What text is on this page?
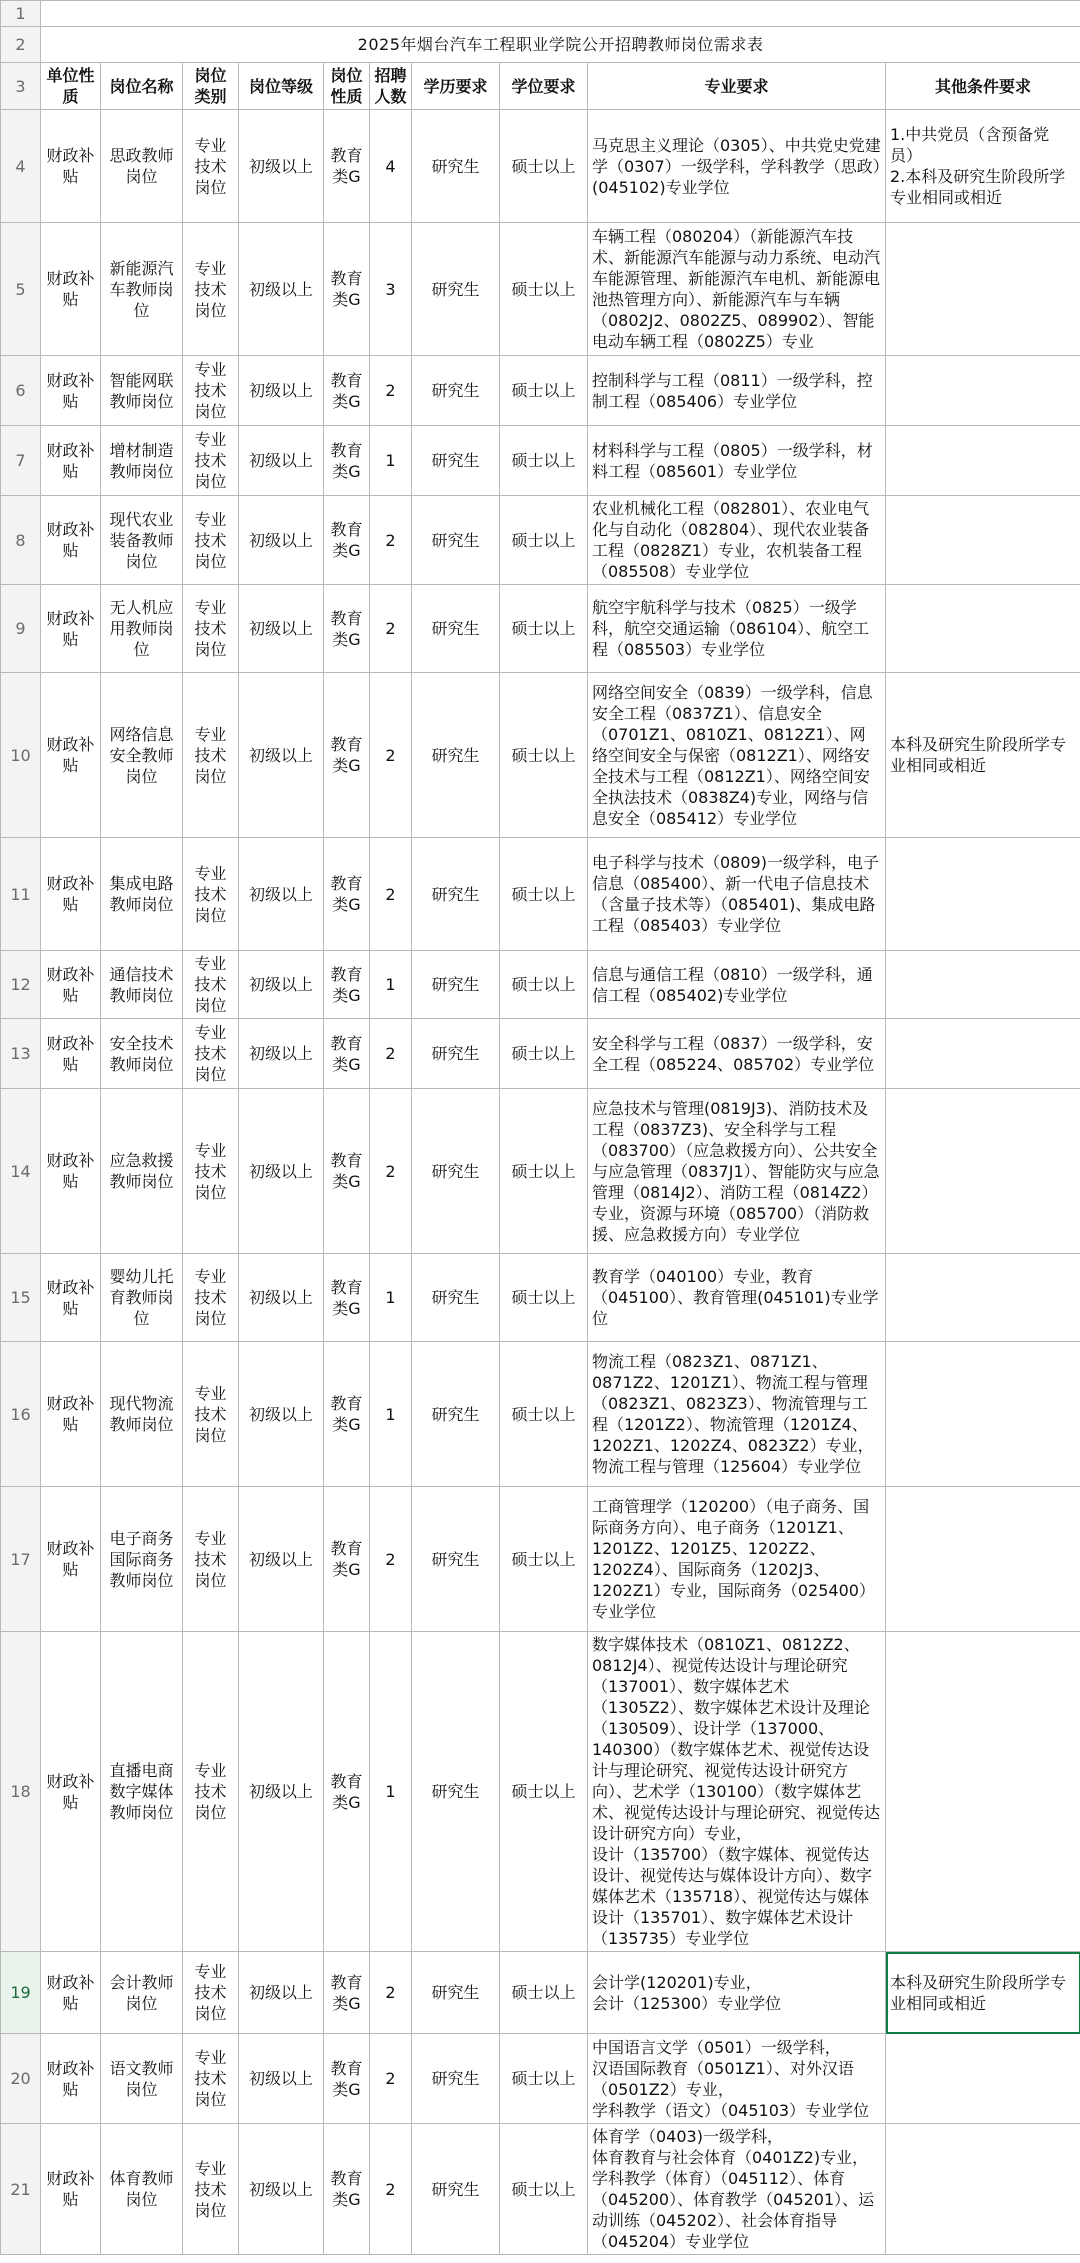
1										
2	2025年烟台汽车工程职业学院公开招聘教师岗位需求表									
3	单位性质	岗位名称	岗位类别	岗位等级	岗位性质	招聘人数	学历要求	学位要求	专业要求	其他条件要求
4	财政补贴	思政教师岗位	专业技术岗位	初级以上	教育类G	4	研究生	硕士以上	马克思主义理论（0305）、中共党史党建学（0307）一级学科，学科教学（思政）(045102)专业学位	1.中共党员（含预备党员）
2.本科及研究生阶段所学专业相同或相近
5	财政补贴	新能源汽车教师岗位	专业技术岗位	初级以上	教育类G	3	研究生	硕士以上	车辆工程（080204）（新能源汽车技术、新能源汽车能源与动力系统、电动汽车能源管理、新能源汽车电机、新能源电池热管理方向）、新能源汽车与车辆（0802J2、0802Z5、089902）、智能电动车辆工程（0802Z5）专业	
6	财政补贴	智能网联教师岗位	专业技术岗位	初级以上	教育类G	2	研究生	硕士以上	控制科学与工程（0811）一级学科，控制工程（085406）专业学位	
7	财政补贴	增材制造教师岗位	专业技术岗位	初级以上	教育类G	1	研究生	硕士以上	材料科学与工程（0805）一级学科，材料工程（085601）专业学位	
8	财政补贴	现代农业装备教师岗位	专业技术岗位	初级以上	教育类G	2	研究生	硕士以上	农业机械化工程（082801）、农业电气化与自动化（082804）、现代农业装备工程（0828Z1）专业，农机装备工程（085508）专业学位	
9	财政补贴	无人机应用教师岗位	专业技术岗位	初级以上	教育类G	2	研究生	硕士以上	航空宇航科学与技术（0825）一级学科，航空交通运输（086104）、航空工程（085503）专业学位	
10	财政补贴	网络信息安全教师岗位	专业技术岗位	初级以上	教育类G	2	研究生	硕士以上	网络空间安全（0839）一级学科，信息安全工程（0837Z1）、信息安全（0701Z1、0810Z1、0812Z1）、网络空间安全与保密（0812Z1）、网络安全技术与工程（0812Z1）、网络空间安全执法技术（0838Z4)专业，网络与信息安全（085412）专业学位	本科及研究生阶段所学专业相同或相近
11	财政补贴	集成电路教师岗位	专业技术岗位	初级以上	教育类G	2	研究生	硕士以上	电子科学与技术（0809)一级学科，电子信息（085400）、新一代电子信息技术（含量子技术等）（085401)、集成电路工程（085403）专业学位	
12	财政补贴	通信技术教师岗位	专业技术岗位	初级以上	教育类G	1	研究生	硕士以上	信息与通信工程（0810）一级学科，通信工程（085402)专业学位	
13	财政补贴	安全技术教师岗位	专业技术岗位	初级以上	教育类G	2	研究生	硕士以上	安全科学与工程（0837）一级学科，安全工程（085224、085702）专业学位	
14	财政补贴	应急救援教师岗位	专业技术岗位	初级以上	教育类G	2	研究生	硕士以上	应急技术与管理(0819J3)、消防技术及工程（0837Z3)、安全科学与工程（083700）（应急救援方向）、公共安全与应急管理（0837J1）、智能防灾与应急管理（0814J2）、消防工程（0814Z2）专业，资源与环境（085700）（消防救援、应急救援方向）专业学位	
15	财政补贴	婴幼儿托育教师岗位	专业技术岗位	初级以上	教育类G	1	研究生	硕士以上	教育学（040100）专业，教育（045100）、教育管理(045101)专业学位	
16	财政补贴	现代物流教师岗位	专业技术岗位	初级以上	教育类G	1	研究生	硕士以上	物流工程（0823Z1、0871Z1、0871Z2、1201Z1）、物流工程与管理（0823Z1、0823Z3）、物流管理与工程（1201Z2）、物流管理（1201Z4、1202Z1、1202Z4、0823Z2）专业，物流工程与管理（125604）专业学位	
17	财政补贴	电子商务国际商务教师岗位	专业技术岗位	初级以上	教育类G	2	研究生	硕士以上	工商管理学（120200）（电子商务、国际商务方向）、电子商务（1201Z1、1201Z2、1201Z5、1202Z2、1202Z4）、国际商务（1202J3、1202Z1）专业，国际商务（025400）专业学位	
18	财政补贴	直播电商数字媒体教师岗位	专业技术岗位	初级以上	教育类G	1	研究生	硕士以上	数字媒体技术（0810Z1、0812Z2、0812J4）、视觉传达设计与理论研究（137001）、数字媒体艺术（1305Z2）、数字媒体艺术设计及理论（130509）、设计学（137000、140300）（数字媒体艺术、视觉传达设计与理论研究、视觉传达设计研究方向）、艺术学（130100）（数字媒体艺术、视觉传达设计与理论研究、视觉传达设计研究方向）专业，
设计（135700）（数字媒体、视觉传达设计、视觉传达与媒体设计方向）、数字媒体艺术（135718）、视觉传达与媒体设计（135701）、数字媒体艺术设计（135735）专业学位	
19	财政补贴	会计教师岗位	专业技术岗位	初级以上	教育类G	2	研究生	硕士以上	会计学(120201)专业，
会计（125300）专业学位	本科及研究生阶段所学专业相同或相近
20	财政补贴	语文教师岗位	专业技术岗位	初级以上	教育类G	2	研究生	硕士以上	中国语言文学（0501）一级学科，
汉语国际教育（0501Z1）、对外汉语（0501Z2）专业，
学科教学（语文）（045103）专业学位	
21	财政补贴	体育教师岗位	专业技术岗位	初级以上	教育类G	2	研究生	硕士以上	体育学（0403)一级学科，
体育教育与社会体育（0401Z2)专业，
学科教学（体育）（045112）、体育（045200）、体育教学（045201）、运动训练（045202）、社会体育指导（045204）专业学位	
